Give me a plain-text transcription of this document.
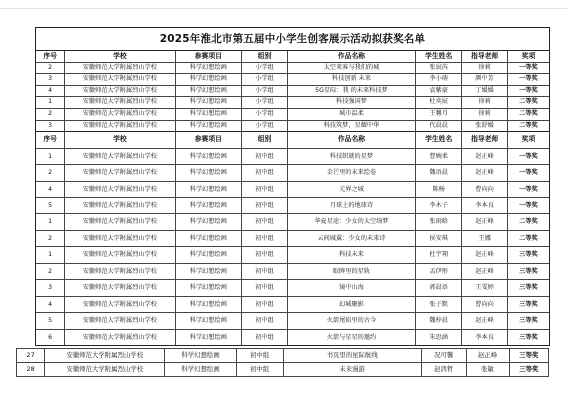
2025年淮北市第五届中小学生创客展示活动拟获奖名单
序号	学校	参赛项目	组别	作品名称	学生姓名	指导老师	奖项
2	安徽师范大学附属烈山学校	科学幻想绘画	小学组	太空来客与我们的城	张宸芮	徐莉	一等奖
3	安徽师范大学附属烈山学校	科学幻想绘画	小学组	科技创新 未来	李小萌	颜中芳	一等奖
4	安徽师范大学附属烈山学校	科学幻想绘画	小学组	5G星际：我 的未来科技梦	袁紫豪	丁媛媛	一等奖
1	安徽师范大学附属烈山学校	科学幻想绘画	小学组	科技强国梦	杜奕宸	徐莉	二等奖
2	安徽师范大学附属烈山学校	科学幻想绘画	小学组	城市温柔	王馨月	徐莉	二等奖
3	安徽师范大学附属烈山学校	科学幻想绘画	小学组	科技筑梦，星耀中华	代晨晨	张舒媛	二等奖
序号	学校	参赛项目	组别	作品名称	学生姓名	指导老师	奖项
1	安徽师范大学附属烈山学校	科学幻想绘画	初中组	科技织就的星梦	曹婉柔	赵正峰	一等奖
2	安徽师范大学附属烈山学校	科学幻想绘画	初中组	金芒里的未来绘卷	魏语晨	赵正峰	一等奖
4	安徽师范大学附属烈山学校	科学幻想绘画	初中组	元界之城	陈杨	曹向向	一等奖
5	安徽师范大学附属烈山学校	科学幻想绘画	初中组	月球上的地球诗	李木子	李本良	一等奖
1	安徽师范大学附属烈山学校	科学幻想绘画	初中组	华夏星途：少女的太空绮梦	张雨晗	赵正峰	二等奖
2	安徽师范大学附属烈山学校	科学幻想绘画	初中组	云间城翼：少女的未来诗	侯安琪	王娜	二等奖
1	安徽师范大学附属烈山学校	科学幻想绘画	初中组	科技未来	杜宇翔	赵正峰	三等奖
2	安徽师范大学附属烈山学校	科学幻想绘画	初中组	眼眸里的星轨	孟伊彤	赵正峰	三等奖
3	安徽师范大学附属烈山学校	科学幻想绘画	初中组	镜中山海	郭晨语	王雯婷	三等奖
4	安徽师范大学附属烈山学校	科学幻想绘画	初中组	幻城聚影	张子默	曹向向	三等奖
5	安徽师范大学附属烈山学校	科学幻想绘画	初中组	火箭尾焰里的古今	魏梓晨	赵正峰	三等奖
6	安徽师范大学附属烈山学校	科学幻想绘画	初中组	火箭与星星的邀约	朱思涵	李本良	三等奖
27	安徽师范大学附属烈山学校	科学幻想绘画	初中组	书页里的星际航线	况可馨	赵正峰	三等奖
28	安徽师范大学附属烈山学校	科学幻想绘画	初中组	未来漫游	赵鸿哲	张敏	三等奖
